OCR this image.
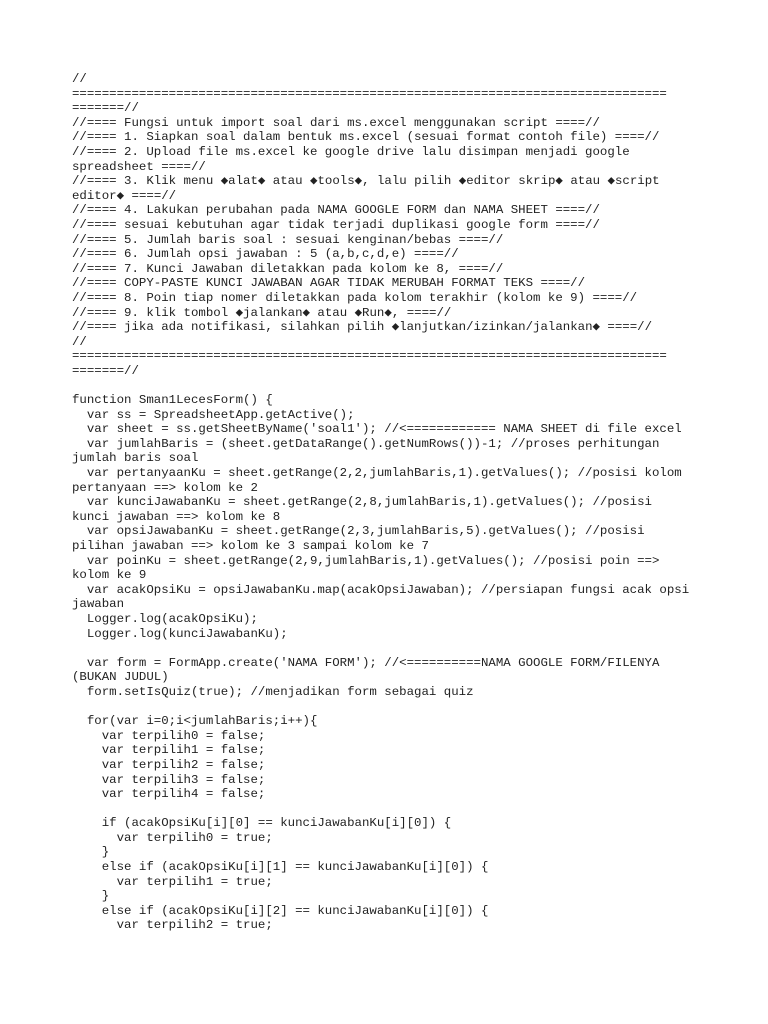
//
================================================================================
=======//
//==== Fungsi untuk import soal dari ms.excel menggunakan script ====//
//==== 1. Siapkan soal dalam bentuk ms.excel (sesuai format contoh file) ====//
//==== 2. Upload file ms.excel ke google drive lalu disimpan menjadi google
spreadsheet ====//
//==== 3. Klik menu ◆alat◆ atau ◆tools◆, lalu pilih ◆editor skrip◆ atau ◆script
editor◆ ====//
//==== 4. Lakukan perubahan pada NAMA GOOGLE FORM dan NAMA SHEET ====//
//==== sesuai kebutuhan agar tidak terjadi duplikasi google form ====//
//==== 5. Jumlah baris soal : sesuai kenginan/bebas ====//
//==== 6. Jumlah opsi jawaban : 5 (a,b,c,d,e) ====//
//==== 7. Kunci Jawaban diletakkan pada kolom ke 8, ====//
//==== COPY-PASTE KUNCI JAWABAN AGAR TIDAK MERUBAH FORMAT TEKS ====//
//==== 8. Poin tiap nomer diletakkan pada kolom terakhir (kolom ke 9) ====//
//==== 9. klik tombol ◆jalankan◆ atau ◆Run◆, ====//
//==== jika ada notifikasi, silahkan pilih ◆lanjutkan/izinkan/jalankan◆ ====//
//
================================================================================
=======//
function Sman1LecesForm() {
var ss = SpreadsheetApp.getActive();
var sheet = ss.getSheetByName('soal1'); //<============ NAMA SHEET di file excel
var jumlahBaris = (sheet.getDataRange().getNumRows())-1; //proses perhitungan
jumlah baris soal
var pertanyaanKu = sheet.getRange(2,2,jumlahBaris,1).getValues(); //posisi kolom
pertanyaan ==> kolom ke 2
var kunciJawabanKu = sheet.getRange(2,8,jumlahBaris,1).getValues(); //posisi
kunci jawaban ==> kolom ke 8
var opsiJawabanKu = sheet.getRange(2,3,jumlahBaris,5).getValues(); //posisi
pilihan jawaban ==> kolom ke 3 sampai kolom ke 7
var poinKu = sheet.getRange(2,9,jumlahBaris,1).getValues(); //posisi poin ==>
kolom ke 9
var acakOpsiKu = opsiJawabanKu.map(acakOpsiJawaban); //persiapan fungsi acak opsi
jawaban
Logger.log(acakOpsiKu);
Logger.log(kunciJawabanKu);
var form = FormApp.create('NAMA FORM'); //<==========NAMA GOOGLE FORM/FILENYA
(BUKAN JUDUL)
form.setIsQuiz(true); //menjadikan form sebagai quiz
for(var i=0;i<jumlahBaris;i++){
var terpilih0 = false;
var terpilih1 = false;
var terpilih2 = false;
var terpilih3 = false;
var terpilih4 = false;
if (acakOpsiKu[i][0] == kunciJawabanKu[i][0]) {
var terpilih0 = true;
}
else if (acakOpsiKu[i][1] == kunciJawabanKu[i][0]) {
var terpilih1 = true;
}
else if (acakOpsiKu[i][2] == kunciJawabanKu[i][0]) {
var terpilih2 = true;
